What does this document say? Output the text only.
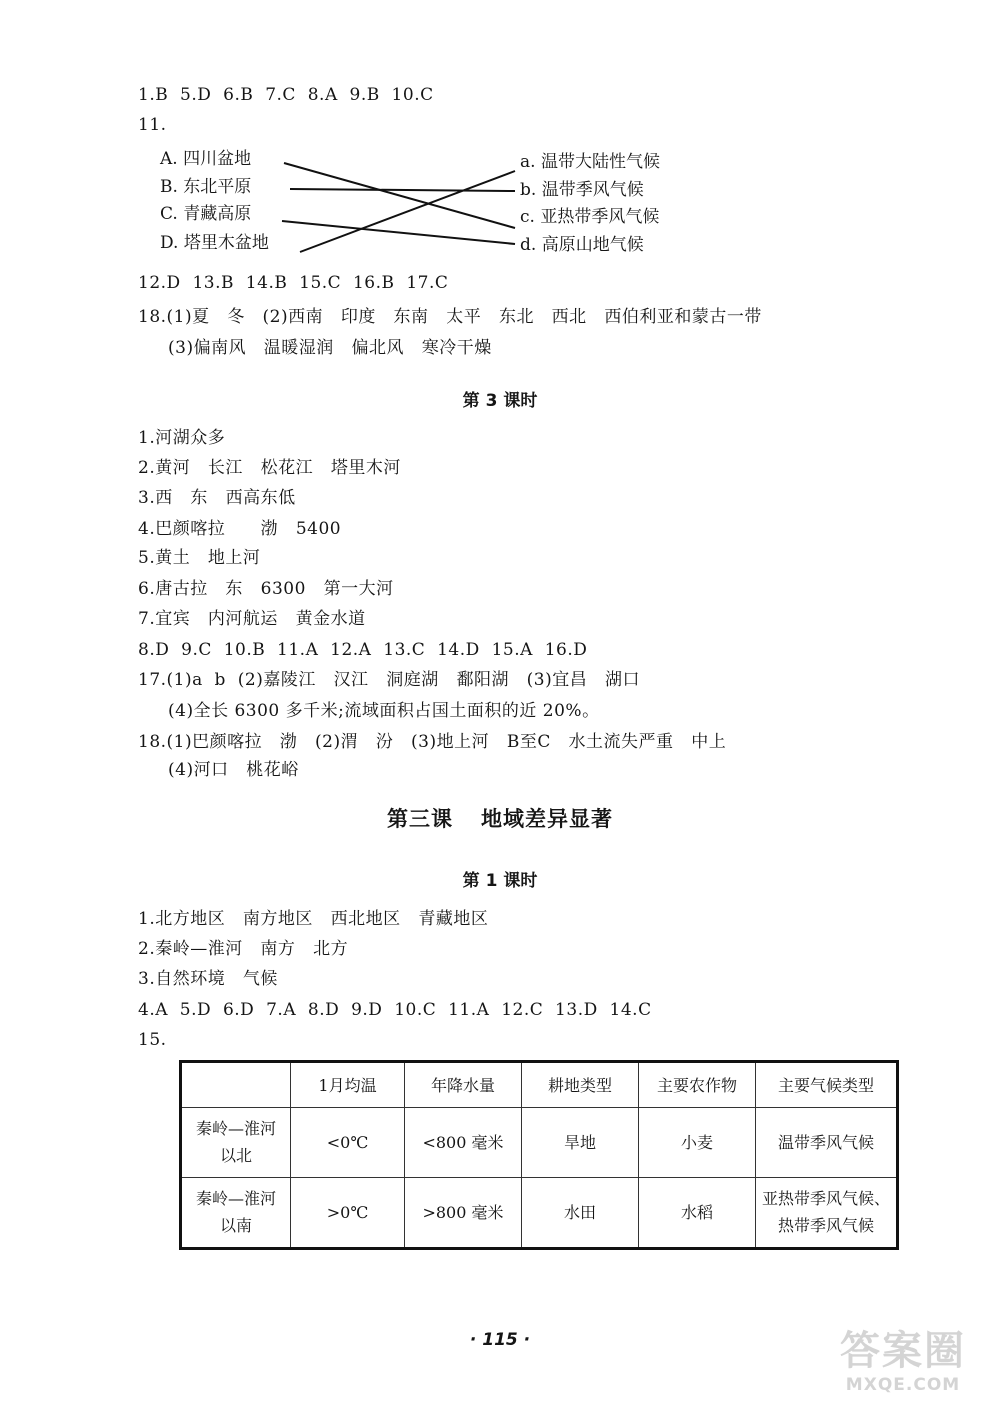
1.B  5.D  6.B  7.C  8.A  9.B  10.C
11.
A. 四川盆地
B. 东北平原
C. 青藏高原
D. 塔里木盆地
a. 温带大陆性气候
b. 温带季风气候
c. 亚热带季风气候
d. 高原山地气候
12.D  13.B  14.B  15.C  16.B  17.C
18.(1)夏   冬   (2)西南   印度   东南   太平   东北   西北   西伯利亚和蒙古一带
(3)偏南风   温暖湿润   偏北风   寒冷干燥
第 3 课时
1.河湖众多
2.黄河   长江   松花江   塔里木河
3.西   东   西高东低
4.巴颜喀拉      渤   5400
5.黄土   地上河
6.唐古拉   东   6300   第一大河
7.宜宾   内河航运   黄金水道
8.D  9.C  10.B  11.A  12.A  13.C  14.D  15.A  16.D
17.(1)a  b  (2)嘉陵江   汉江   洞庭湖   鄱阳湖   (3)宜昌   湖口
(4)全长 6300 多千米;流域面积占国土面积的近 20%。
18.(1)巴颜喀拉   渤   (2)渭   汾   (3)地上河   B至C   水土流失严重   中上
(4)河口   桃花峪
第三课 地域差异显著
第 1 课时
1.北方地区   南方地区   西北地区   青藏地区
2.秦岭—淮河   南方   北方
3.自然环境   气候
4.A  5.D  6.D  7.A  8.D  9.D  10.C  11.A  12.C  13.D  14.C
15.
	1月均温	年降水量	耕地类型	主要农作物	主要气候类型
秦岭—淮河
以北	<0℃	<800 毫米	旱地	小麦	温带季风气候
秦岭—淮河
以南	>0℃	>800 毫米	水田	水稻	亚热带季风气候、
热带季风气候
· 115 ·	答案圈
MXQE.COM
